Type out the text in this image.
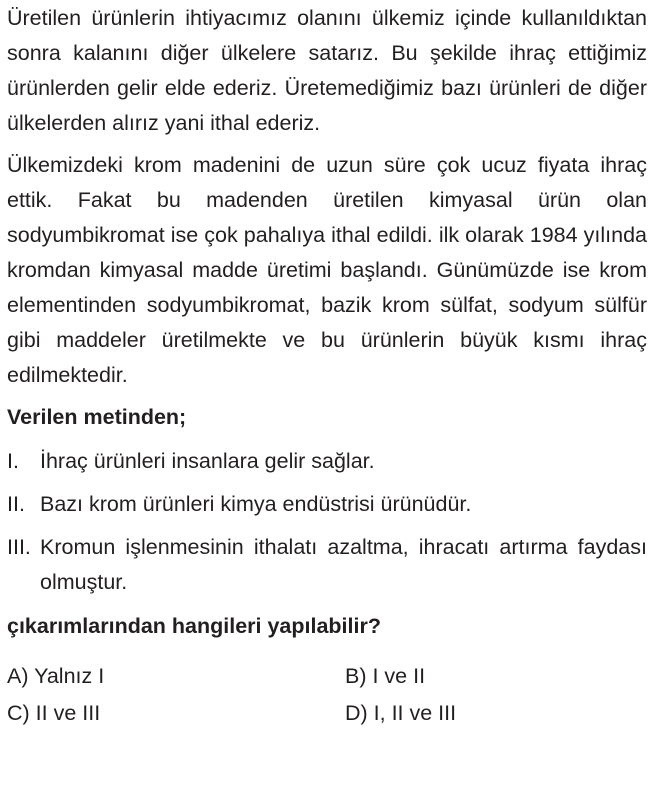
Üretilen ürünlerin ihtiyacımız olanını ülkemiz içinde kullanıldıktan sonra kalanını diğer ülkelere satarız. Bu şekilde ihraç ettiğimiz ürünlerden gelir elde ederiz. Üretemediğimiz bazı ürünleri de diğer ülkelerden alırız yani ithal ederiz.

Ülkemizdeki krom madenini de uzun süre çok ucuz fiyata ihraç ettik. Fakat bu madenden üretilen kimyasal ürün olan sodyumbikromat ise çok pahalıya ithal edildi. ilk olarak 1984 yılında kromdan kimyasal madde üretimi başlandı. Günümüzde ise krom elementinden sodyumbikromat, bazik krom sülfat, sodyum sülfür gibi maddeler üretilmekte ve bu ürünlerin büyük kısmı ihraç edilmektedir.

Verilen metinden;
I. İhraç ürünleri insanlara gelir sağlar.
II. Bazı krom ürünleri kimya endüstrisi ürünüdür.
III. Kromun işlenmesinin ithalatı azaltma, ihracatı artırma faydası olmuştur.
çıkarımlarından hangileri yapılabilir?
A) Yalnız I	B) I ve II
C) II ve III	D) I, II ve III
